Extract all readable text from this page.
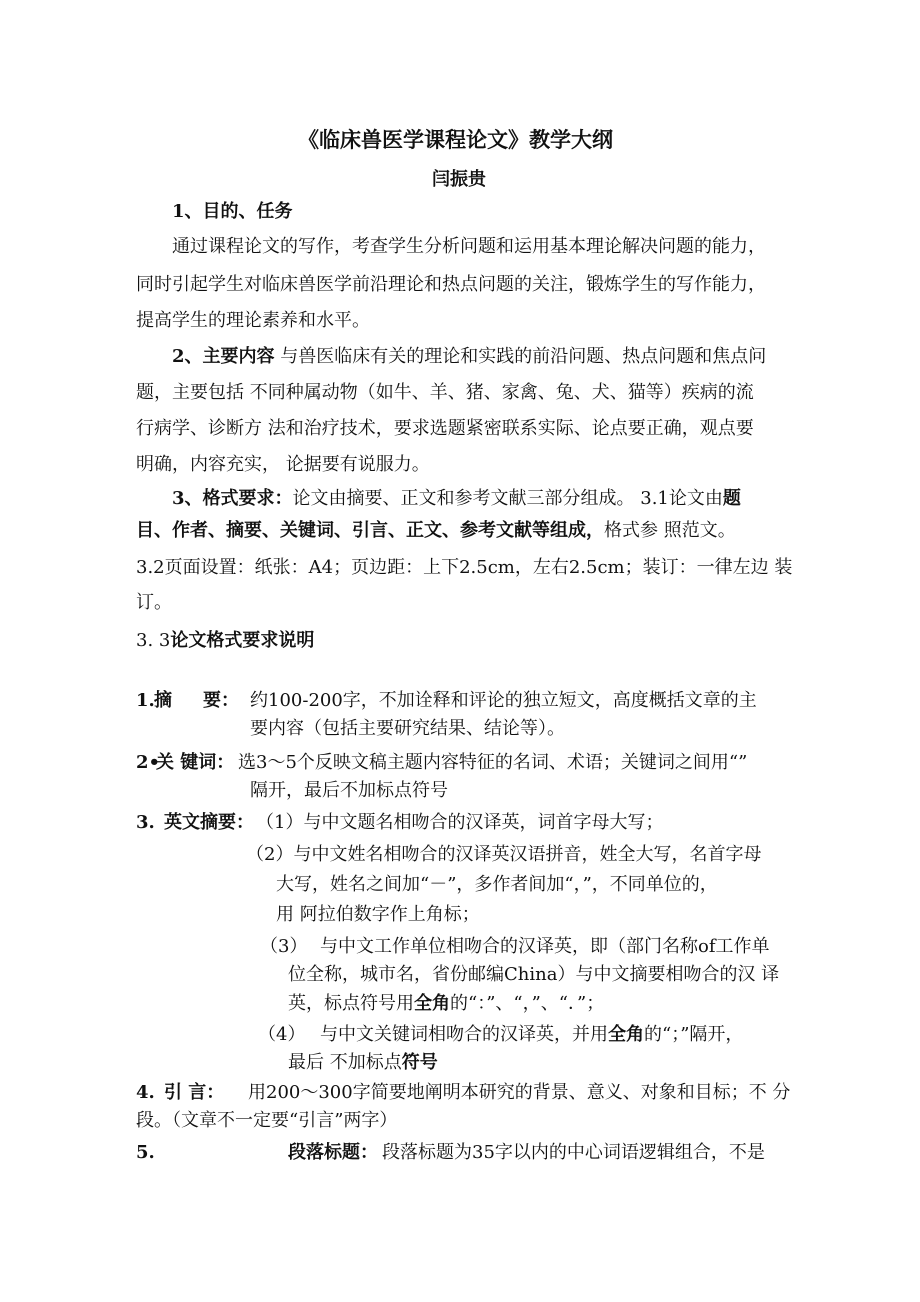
《临床兽医学课程论文》教学大纲
闫振贵
1、目的、任务
通过课程论文的写作，考查学生分析问题和运用基本理论解决问题的能力，
同时引起学生对临床兽医学前沿理论和热点问题的关注，锻炼学生的写作能力，
提高学生的理论素养和水平。
2、主要内容 与兽医临床有关的理论和实践的前沿问题、热点问题和焦点问
题，主要包括 不同种属动物（如牛、羊、猪、家禽、兔、犬、猫等）疾病的流
行病学、诊断方 法和治疗技术，要求选题紧密联系实际、论点要正确，观点要
明确，内容充实， 论据要有说服力。
3、格式要求：论文由摘要、正文和参考文献三部分组成。 3.1论文由题
目、作者、摘要、关键词、引言、正文、参考文献等组成，格式参 照范文。
3.2页面设置：纸张：A4；页边距：上下2.5cm，左右2.5cm；装订：一律左边 装
订。
3. 3论文格式要求说明
1. 摘 要： 约100-200字，不加诠释和评论的独立短文，高度概括文章的主
要内容（包括主要研究结果、结论等）。
2•
关 键词： 选3〜5个反映文稿主题内容特征的名词、术语；关键词之间用“”
隔开，最后不加标点符号
3. 英文摘要： （1）与中文题名相吻合的汉译英，词首字母大写；
（2）与中文姓名相吻合的汉译英汉语拼音，姓全大写，名首字母
大写，姓名之间加“－”，多作者间加“，”，不同单位的，
用 阿拉伯数字作上角标；
（3） 与中文工作单位相吻合的汉译英，即（部门名称of工作单
位全称，城市名，省份邮编China）与中文摘要相吻合的汉 译
英，标点符号用全角的“：”、“，”、“．”；
（4） 与中文关键词相吻合的汉译英，并用全角的“；”隔开，
最后 不加标点符号
4. 引 言： 用200〜300字简要地阐明本研究的背景、意义、对象和目标；不 分
段。（文章不一定要“引言”两字）
5.	段落标题： 段落标题为35字以内的中心词语逻辑组合，不是
